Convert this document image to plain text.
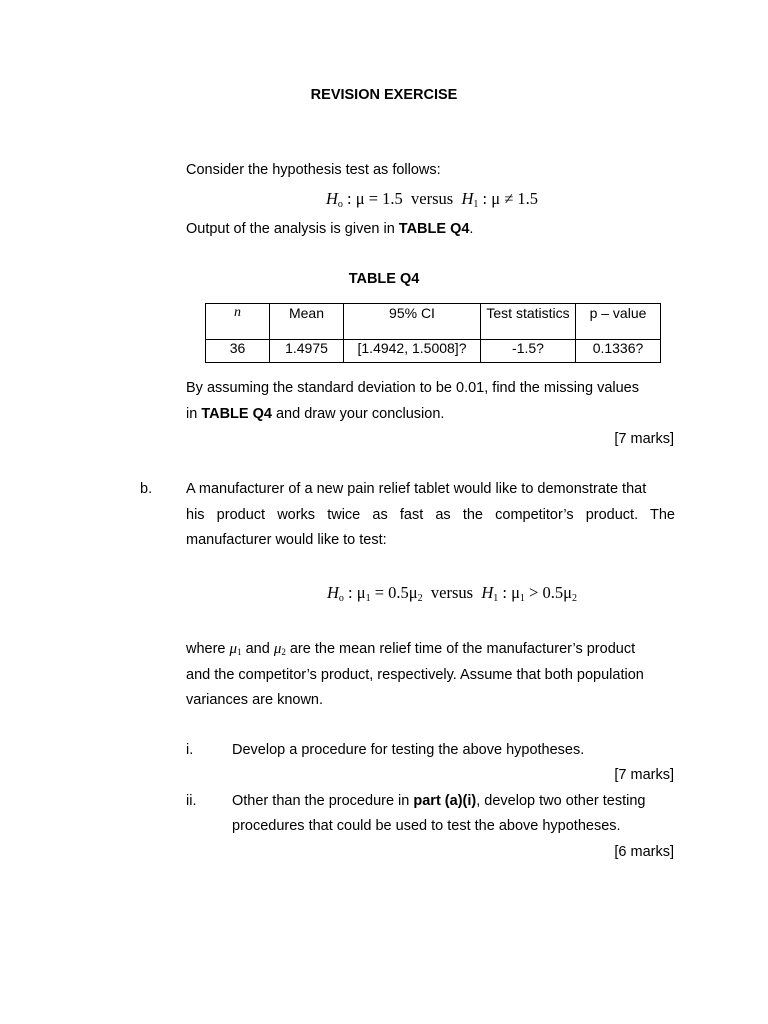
REVISION EXERCISE
Consider the hypothesis test as follows:
$H_o$ : μ = 1.5 versus $H_1$ : μ ≠ 1.5
Output of the analysis is given in TABLE Q4.
TABLE Q4
n	Mean	95% CI	Test statistics	p – value
36	1.4975	[1.4942, 1.5008]?	-1.5?	0.1336?
By assuming the standard deviation to be 0.01, find the missing values
in TABLE Q4 and draw your conclusion.
[7 marks]
b. A manufacturer of a new pain relief tablet would like to demonstrate that
his product works twice as fast as the competitor’s product. The
manufacturer would like to test:
$H_o$ : $\mu_1 = 0.5\mu_2$ versus $H_1$ : $\mu_1 > 0.5\mu_2$
where $\mu_1$ and $\mu_2$ are the mean relief time of the manufacturer’s product
and the competitor’s product, respectively. Assume that both population
variances are known.
i.	Develop a procedure for testing the above hypotheses.
[7 marks]
ii. Other than the procedure in part (a)(i), develop two other testing
procedures that could be used to test the above hypotheses.
[6 marks]
